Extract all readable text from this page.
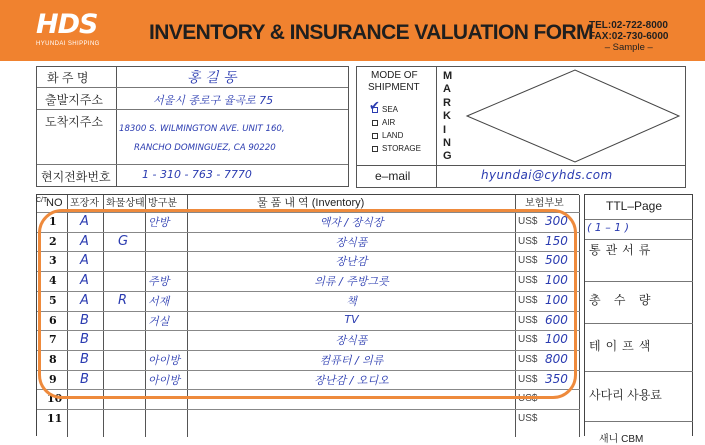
HDS
HYUNDAI SHIPPING	INVENTORY & INSURANCE VALUATION FORM
TEL:02-722-8000
FAX:02-730-6000
– Sample –
화 주 명	홍 길 동
출발지주소	서울시 종로구 율곡로 75
도착지주소 18300 S. WILMINGTON AVE. UNIT 160,
RANCHO DOMINGUEZ, CA 90220
현지전화번호	1 - 310 - 763 - 7770
MODE OF
SHIPMENT
✔ SEA
AIR
LAND
STORAGE
M
A
R
K
I
N
G
e–mail	hyundai@cyhds.com
C/T
NO 포장자 화물상태 방구분	물 품 내 역 (Inventory)	보험부보
1 A	안방	액자 / 장식장	US$ 300
2 A G	장식품	US$ 150
3 A	장난감	US$ 500
4 A	주방	의류 / 주방그릇	US$ 100
5 A R 서재	책	US$ 100
6 B	거실	TV	US$ 600
7 B	장식품	US$ 100
8 B	아이방	컴퓨터 / 의류	US$ 800
9 B	아이방	장난감 / 오디오	US$ 350
10	US$
11	US$
TTL–Page
( 1 – 1 )
통관서류
총 수 량
테이프색
사다리 사용료
새니 CBM
